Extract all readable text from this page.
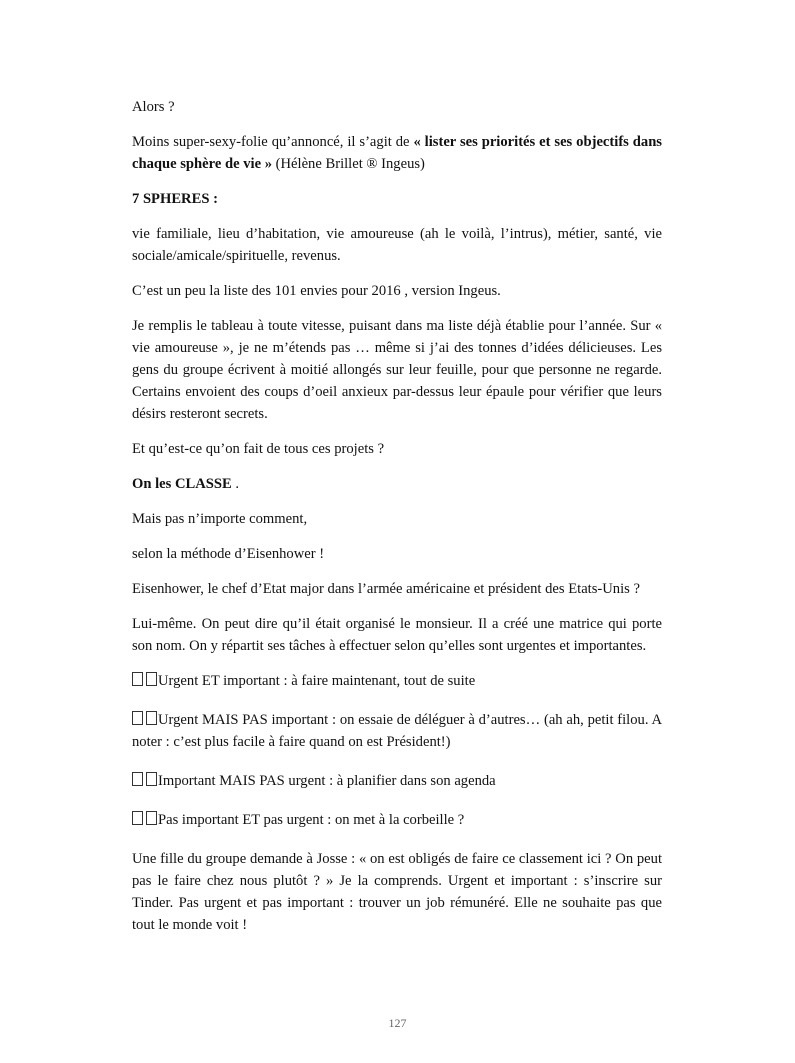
Alors ?

Moins super-sexy-folie qu’annoncé, il s’agit de « lister ses priorités et ses objectifs dans chaque sphère de vie » (Hélène Brillet ® Ingeus)

7 SPHERES :

vie familiale, lieu d’habitation, vie amoureuse (ah le voilà, l’intrus), métier, santé, vie sociale/amicale/spirituelle, revenus.

C’est un peu la liste des 101 envies pour 2016 , version Ingeus.

Je remplis le tableau à toute vitesse, puisant dans ma liste déjà établie pour l’année. Sur « vie amoureuse », je ne m’étends pas … même si j’ai des tonnes d’idées délicieuses. Les gens du groupe écrivent à moitié allongés sur leur feuille, pour que personne ne regarde. Certains envoient des coups d’oeil anxieux par-dessus leur épaule pour vérifier que leurs désirs resteront secrets.

Et qu’est-ce qu’on fait de tous ces projets ?

On les CLASSE .

Mais pas n’importe comment,

selon la méthode d’Eisenhower !

Eisenhower, le chef d’Etat major dans l’armée américaine et président des Etats-Unis ?

Lui-même. On peut dire qu’il était organisé le monsieur. Il a créé une matrice qui porte son nom. On y répartit ses tâches à effectuer selon qu’elles sont urgentes et importantes.

Urgent ET important : à faire maintenant, tout de suite

Urgent MAIS PAS important : on essaie de déléguer à d’autres… (ah ah, petit filou. A noter : c’est plus facile à faire quand on est Président!)

Important MAIS PAS urgent : à planifier dans son agenda

Pas important ET pas urgent : on met à la corbeille ?

Une fille du groupe demande à Josse : « on est obligés de faire ce classement ici ? On peut pas le faire chez nous plutôt ? » Je la comprends. Urgent et important : s’inscrire sur Tinder. Pas urgent et pas important : trouver un job rémunéré. Elle ne souhaite pas que tout le monde voit !

127
